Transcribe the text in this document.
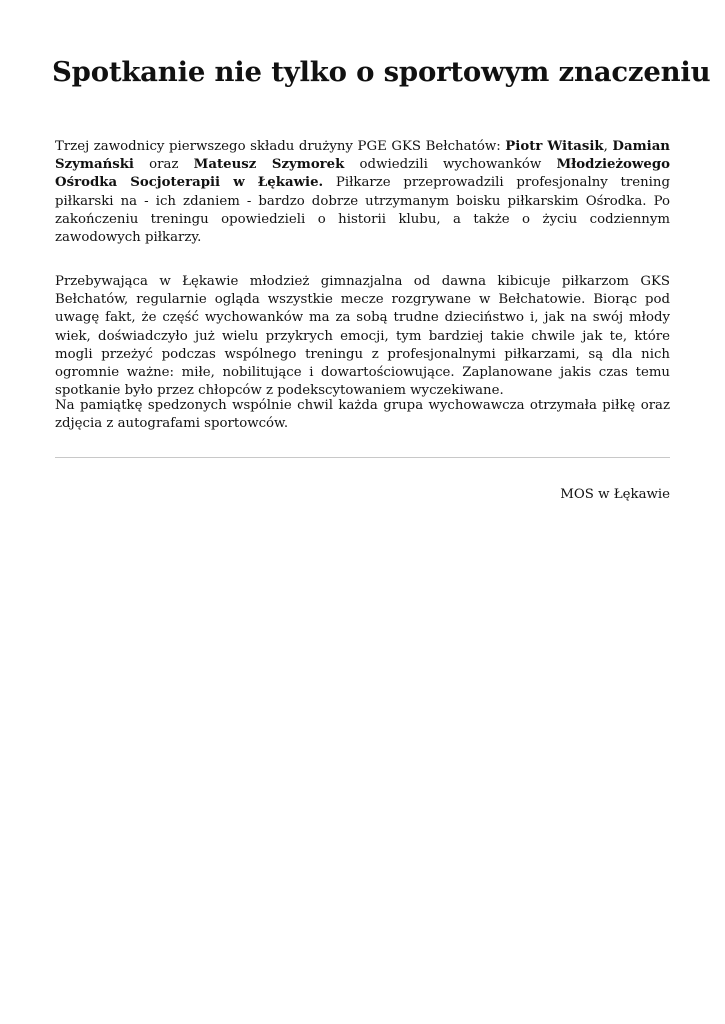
Spotkanie nie tylko o sportowym znaczeniu

Trzej zawodnicy pierwszego składu drużyny PGE GKS Bełchatów: Piotr Witasik, Damian Szymański oraz Mateusz Szymorek odwiedzili wychowanków Młodzieżowego Ośrodka Socjoterapii w Łękawie. Piłkarze przeprowadzili profesjonalny trening piłkarski na - ich zdaniem - bardzo dobrze utrzymanym boisku piłkarskim Ośrodka. Po zakończeniu treningu opowiedzieli o historii klubu, a także o życiu codziennym zawodowych piłkarzy.

Przebywająca w Łękawie młodzież gimnazjalna od dawna kibicuje piłkarzom GKS Bełchatów, regularnie ogląda wszystkie mecze rozgrywane w Bełchatowie. Biorąc pod uwagę fakt, że część wychowanków ma za sobą trudne dzieciństwo i, jak na swój młody wiek, doświadczyło już wielu przykrych emocji, tym bardziej takie chwile jak te, które mogli przeżyć podczas wspólnego treningu z profesjonalnymi piłkarzami, są dla nich ogromnie ważne: miłe, nobilitujące i dowartościowujące. Zaplanowane jakis czas temu spotkanie było przez chłopców z podekscytowaniem wyczekiwane.

Na pamiątkę spedzonych wspólnie chwil każda grupa wychowawcza otrzymała piłkę oraz zdjęcia z autografami sportowców.

MOS w Łękawie
